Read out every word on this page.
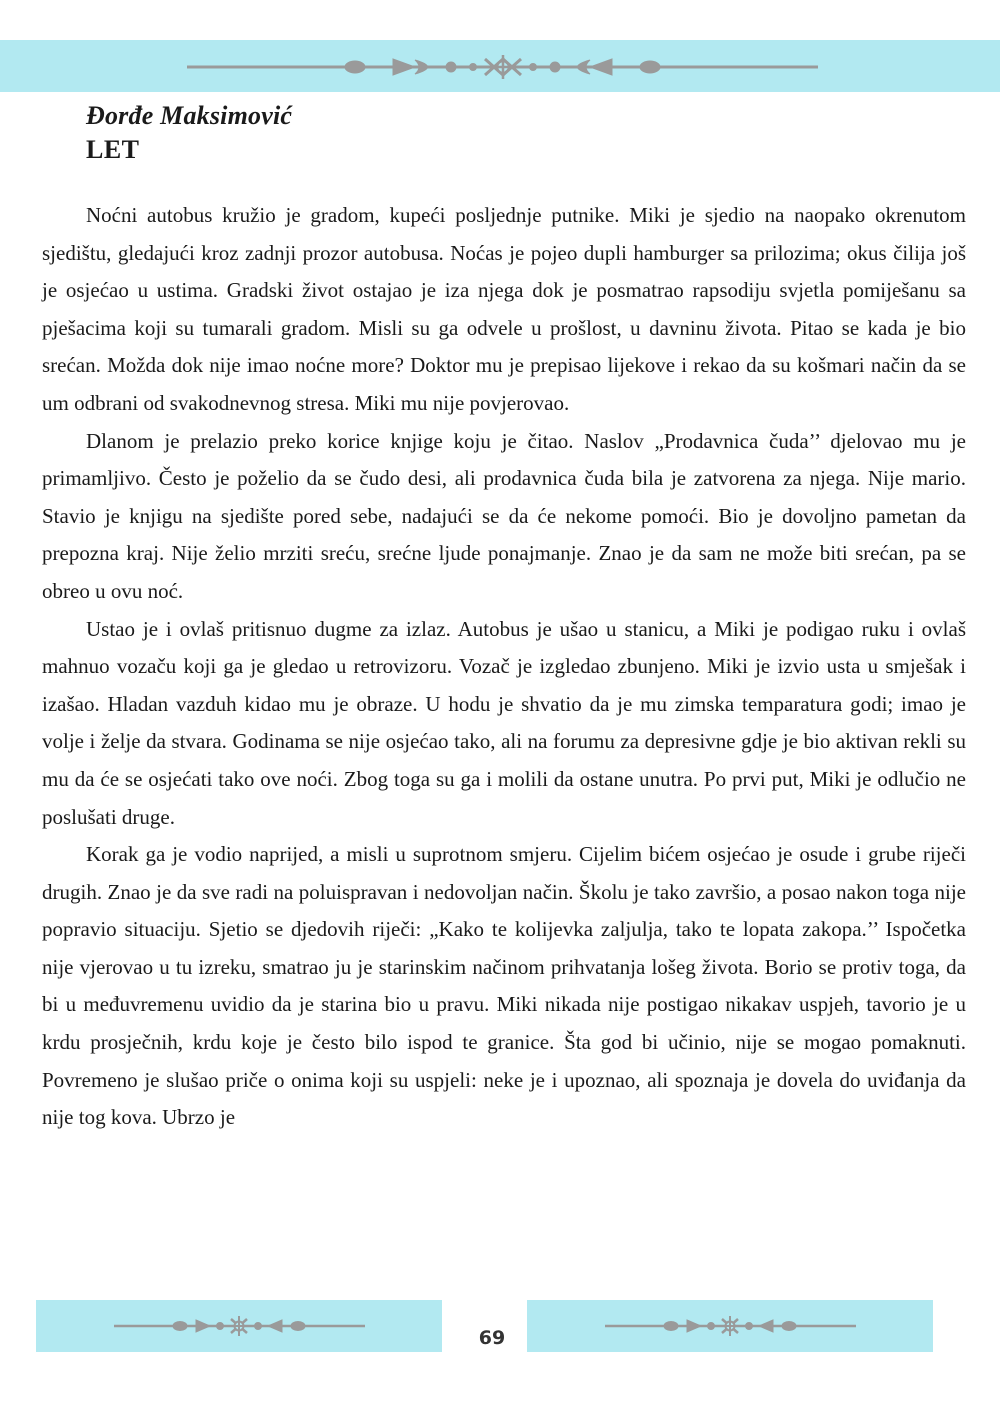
Đorđe Maksimović
LET

Noćni autobus kružio je gradom, kupeći posljednje putnike. Miki je sjedio na naopako okrenutom sjedištu, gledajući kroz zadnji prozor autobusa. Noćas je pojeo dupli hamburger sa prilozima; okus čilija još je osjećao u ustima. Gradski život ostajao je iza njega dok je posmatrao rapsodiju svjetla pomiješanu sa pješacima koji su tumarali gradom. Misli su ga odvele u prošlost, u davninu života. Pitao se kada je bio srećan. Možda dok nije imao noćne more? Doktor mu je prepisao lijekove i rekao da su košmari način da se um odbrani od svakodnevnog stresa. Miki mu nije povjerovao.

Dlanom je prelazio preko korice knjige koju je čitao. Naslov „Prodavnica čuda’’ djelovao mu je primamljivo. Često je poželio da se čudo desi, ali prodavnica čuda bila je zatvorena za njega. Nije mario. Stavio je knjigu na sjedište pored sebe, nadajući se da će nekome pomoći. Bio je dovoljno pametan da prepozna kraj. Nije želio mrziti sreću, srećne ljude ponajmanje. Znao je da sam ne može biti srećan, pa se obreo u ovu noć.

Ustao je i ovlaš pritisnuo dugme za izlaz. Autobus je ušao u stanicu, a Miki je podigao ruku i ovlaš mahnuo vozaču koji ga je gledao u retrovizoru. Vozač je izgledao zbunjeno. Miki je izvio usta u smješak i izašao. Hladan vazduh kidao mu je obraze. U hodu je shvatio da je mu zimska temparatura godi; imao je volje i želje da stvara. Godinama se nije osjećao tako, ali na forumu za depresivne gdje je bio aktivan rekli su mu da će se osjećati tako ove noći. Zbog toga su ga i molili da ostane unutra. Po prvi put, Miki je odlučio ne poslušati druge.

Korak ga je vodio naprijed, a misli u suprotnom smjeru. Cijelim bićem osjećao je osude i grube riječi drugih. Znao je da sve radi na poluispravan i nedovoljan način. Školu je tako završio, a posao nakon toga nije popravio situaciju. Sjetio se djedovih riječi: „Kako te kolijevka zaljulja, tako te lopata zakopa.’’ Ispočetka nije vjerovao u tu izreku, smatrao ju je starinskim načinom prihvatanja lošeg života. Borio se protiv toga, da bi u međuvremenu uvidio da je starina bio u pravu. Miki nikada nije postigao nikakav uspjeh, tavorio je u krdu prosječnih, krdu koje je često bilo ispod te granice. Šta god bi učinio, nije se mogao pomaknuti. Povremeno je slušao priče o onima koji su uspjeli: neke je i upoznao, ali spoznaja je dovela do uviđanja da nije tog kova. Ubrzo je

69
